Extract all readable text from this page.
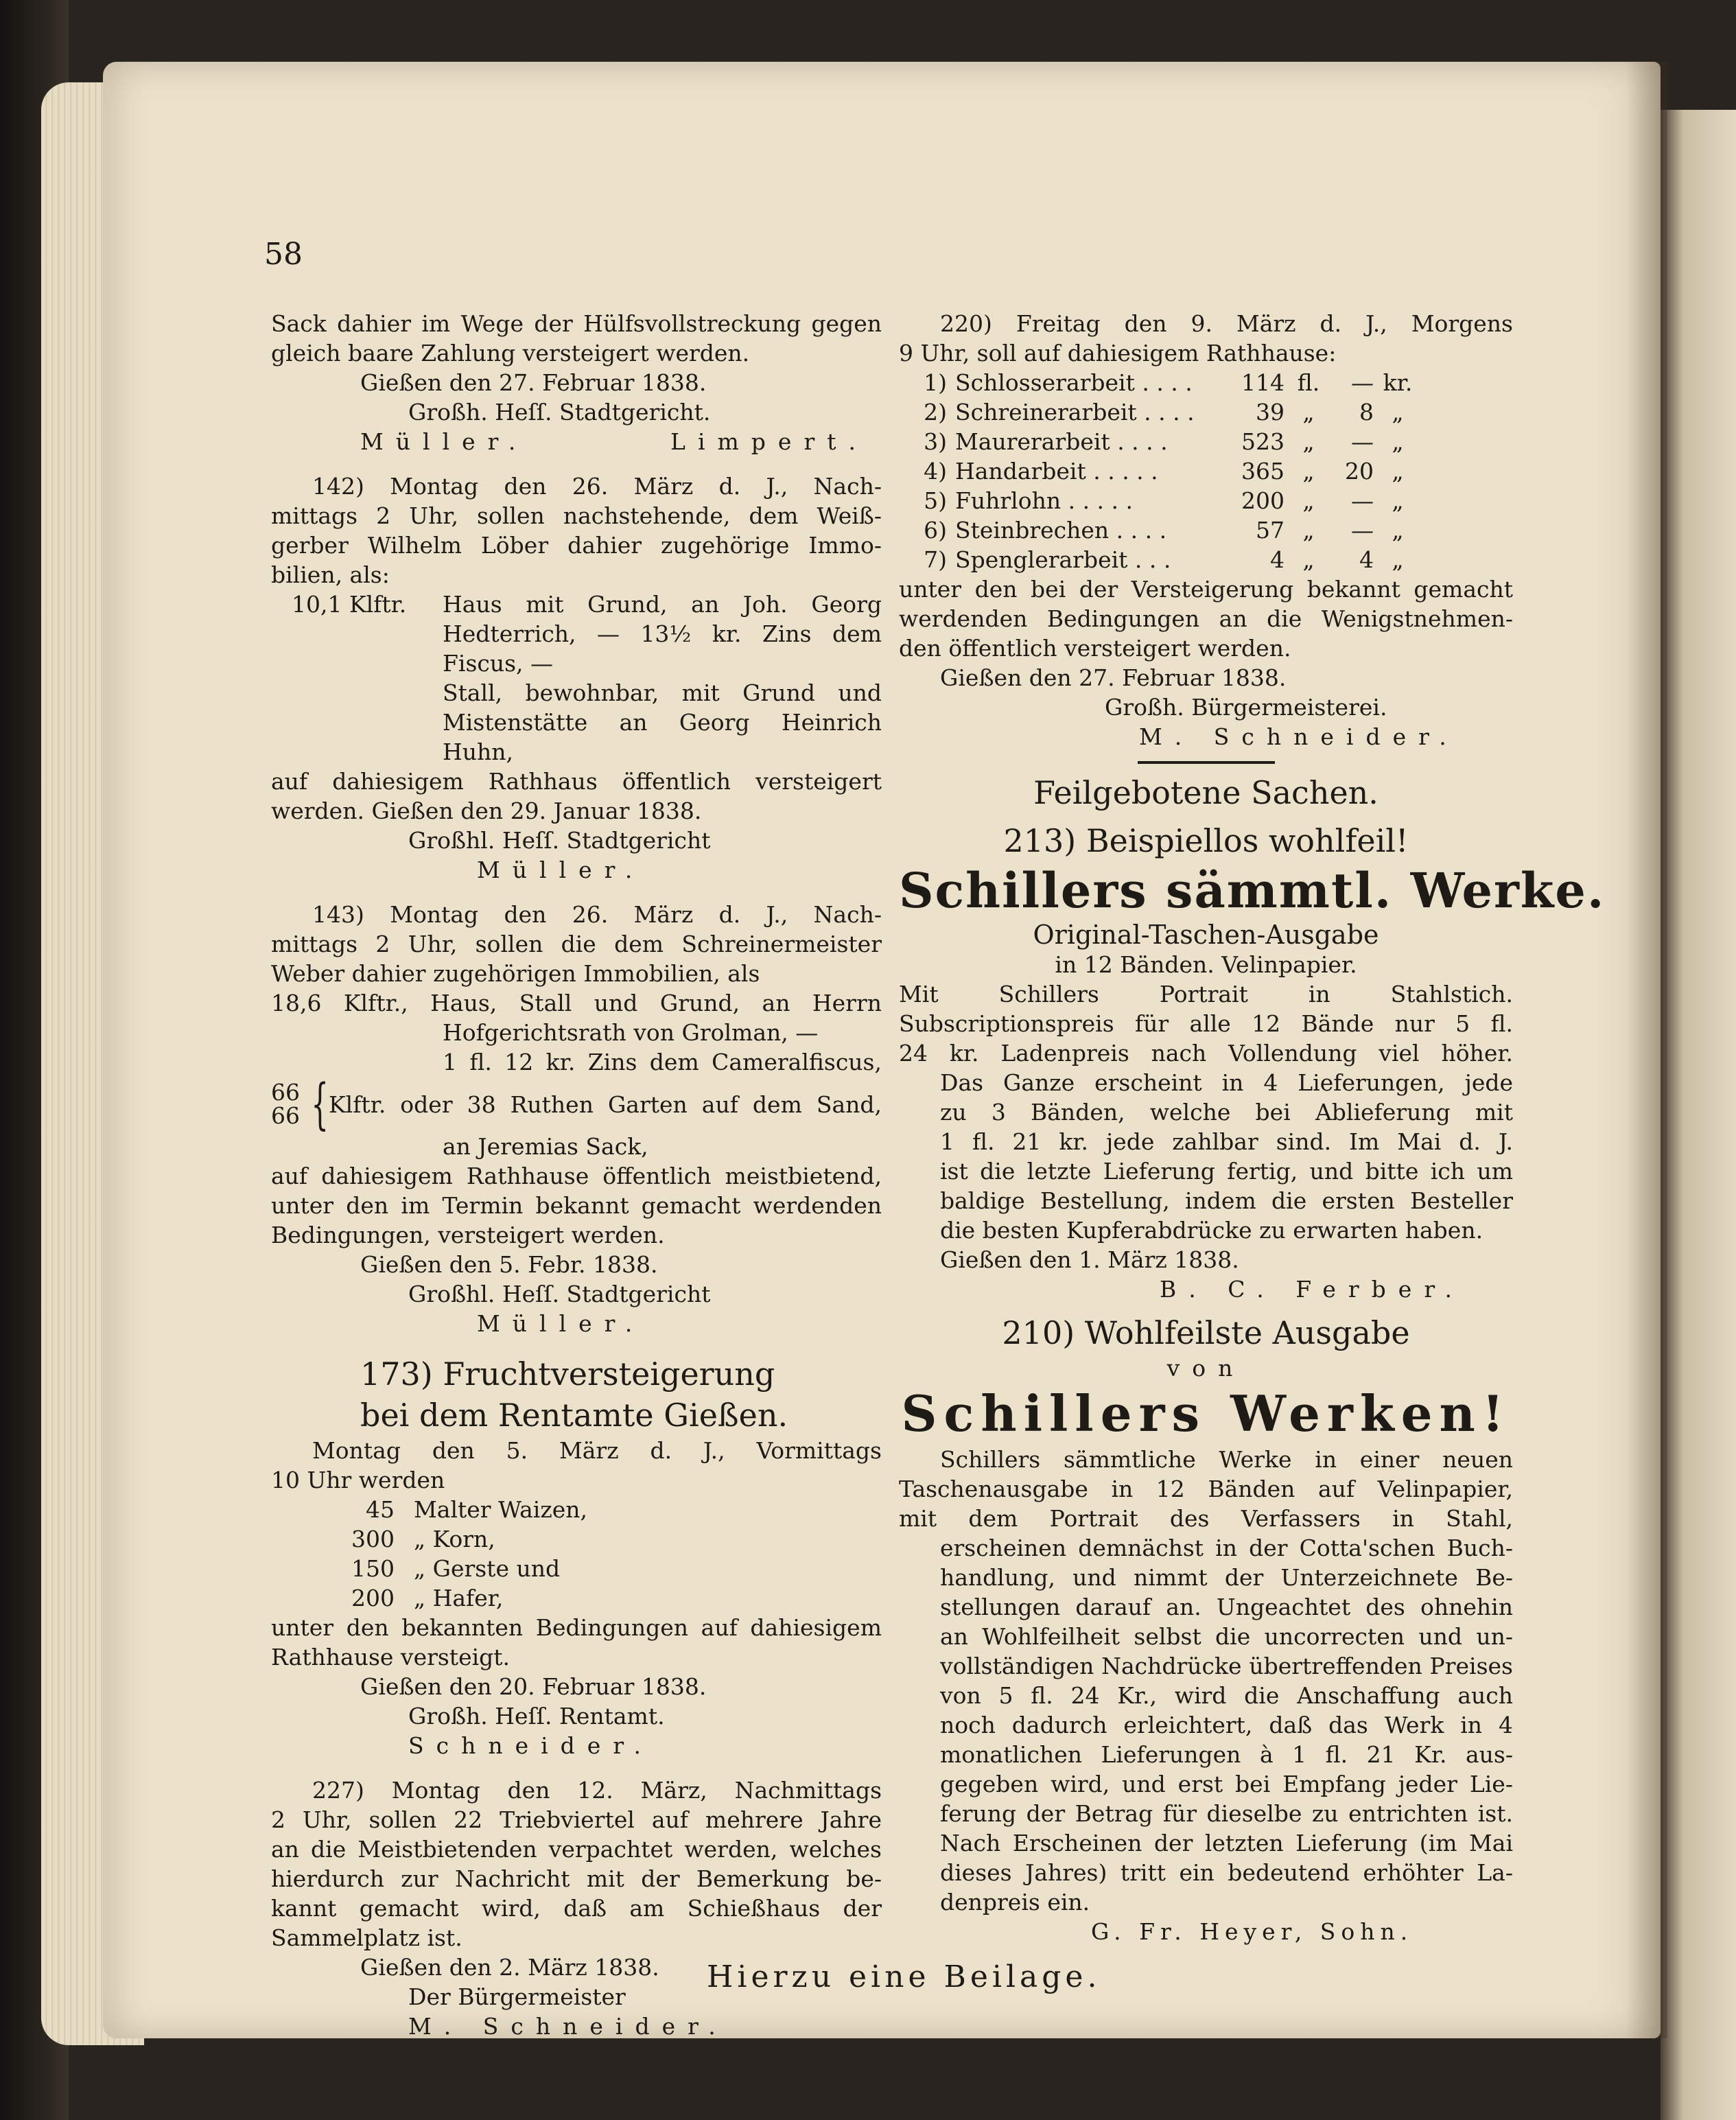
58
Sack dahier im Wege der Hülfsvollstreckung gegen
gleich baare Zahlung versteigert werden.
Gießen den 27. Februar 1838.
Großh. Heſſ. Stadtgericht.
Müller.	Limpert.
142) Montag den 26. März d. J., Nach-
mittags 2 Uhr, sollen nachstehende, dem Weiß-
gerber Wilhelm Löber dahier zugehörige Immo-
bilien, als:
10,1 Klftr.	Haus mit Grund, an Joh. Georg
Hedterrich, — 13½ kr. Zins dem
Fiscus, —
Stall, bewohnbar, mit Grund und
Mistenstätte an Georg Heinrich Huhn,
auf dahiesigem Rathhaus öffentlich versteigert
werden. Gießen den 29. Januar 1838.
Großhl. Heſſ. Stadtgericht
Müller.
143) Montag den 26. März d. J., Nach-
mittags 2 Uhr, sollen die dem Schreinermeister
Weber dahier zugehörigen Immobilien, als
18,6 Klftr., Haus, Stall und Grund, an Herrn
Hofgerichtsrath von Grolman, —
1 fl. 12 kr. Zins dem Cameralfiscus,
66
66 { Klftr. oder 38 Ruthen Garten auf dem Sand,
an Jeremias Sack,
auf dahiesigem Rathhause öffentlich meistbietend,
unter den im Termin bekannt gemacht werdenden
Bedingungen, versteigert werden.
Gießen den 5. Febr. 1838.
Großhl. Heſſ. Stadtgericht
Müller.
173) Fruchtversteigerung
bei dem Rentamte Gießen.
Montag den 5. März d. J., Vormittags
10 Uhr werden
45 Malter Waizen,
300 „ Korn,
150 „ Gerste und
200 „ Hafer,
unter den bekannten Bedingungen auf dahiesigem
Rathhause versteigt.
Gießen den 20. Februar 1838.
Großh. Heſſ. Rentamt.
Schneider.
227) Montag den 12. März, Nachmittags
2 Uhr, sollen 22 Triebviertel auf mehrere Jahre
an die Meistbietenden verpachtet werden, welches
hierdurch zur Nachricht mit der Bemerkung be-
kannt gemacht wird, daß am Schießhaus der
Sammelplatz ist.
Gießen den 2. März 1838.
Der Bürgermeister
M. Schneider.
220) Freitag den 9. März d. J., Morgens
9 Uhr, soll auf dahiesigem Rathhause:
1) Schlosserarbeit . . . .	114 fl.	— kr.
2) Schreinerarbeit . . . .	39 „	8 „
3) Maurerarbeit . . . .	523 „	— „
4) Handarbeit . . . . .	365 „	20 „
5) Fuhrlohn . . . . .	200 „	— „
6) Steinbrechen . . . .	57 „	— „
7) Spenglerarbeit . . .	4 „	4 „
unter den bei der Versteigerung bekannt gemacht
werdenden Bedingungen an die Wenigstnehmen-
den öffentlich versteigert werden.
Gießen den 27. Februar 1838.
Großh. Bürgermeisterei.
M. Schneider.
Feilgebotene Sachen.
213) Beispiellos wohlfeil!
Schillers sämmtl. Werke.
Original-Taschen-Ausgabe
in 12 Bänden. Velinpapier.
Mit Schillers Portrait in Stahlstich.
Subscriptionspreis für alle 12 Bände nur 5 fl.
24 kr. Ladenpreis nach Vollendung viel höher.
Das Ganze erscheint in 4 Lieferungen, jede
zu 3 Bänden, welche bei Ablieferung mit
1 fl. 21 kr. jede zahlbar sind. Im Mai d. J.
ist die letzte Lieferung fertig, und bitte ich um
baldige Bestellung, indem die ersten Besteller
die besten Kupferabdrücke zu erwarten haben.
Gießen den 1. März 1838.
B. C. Ferber.
210) Wohlfeilste Ausgabe
von
Schillers Werken!
Schillers sämmtliche Werke in einer neuen
Taschenausgabe in 12 Bänden auf Velinpapier,
mit dem Portrait des Verfassers in Stahl,
erscheinen demnächst in der Cotta'schen Buch-
handlung, und nimmt der Unterzeichnete Be-
stellungen darauf an. Ungeachtet des ohnehin
an Wohlfeilheit selbst die uncorrecten und un-
vollständigen Nachdrücke übertreffenden Preises
von 5 fl. 24 Kr., wird die Anschaffung auch
noch dadurch erleichtert, daß das Werk in 4
monatlichen Lieferungen à 1 fl. 21 Kr. aus-
gegeben wird, und erst bei Empfang jeder Lie-
ferung der Betrag für dieselbe zu entrichten ist.
Nach Erscheinen der letzten Lieferung (im Mai
dieses Jahres) tritt ein bedeutend erhöhter La-
denpreis ein.
G. Fr. Heyer, Sohn.
Hierzu eine Beilage.
